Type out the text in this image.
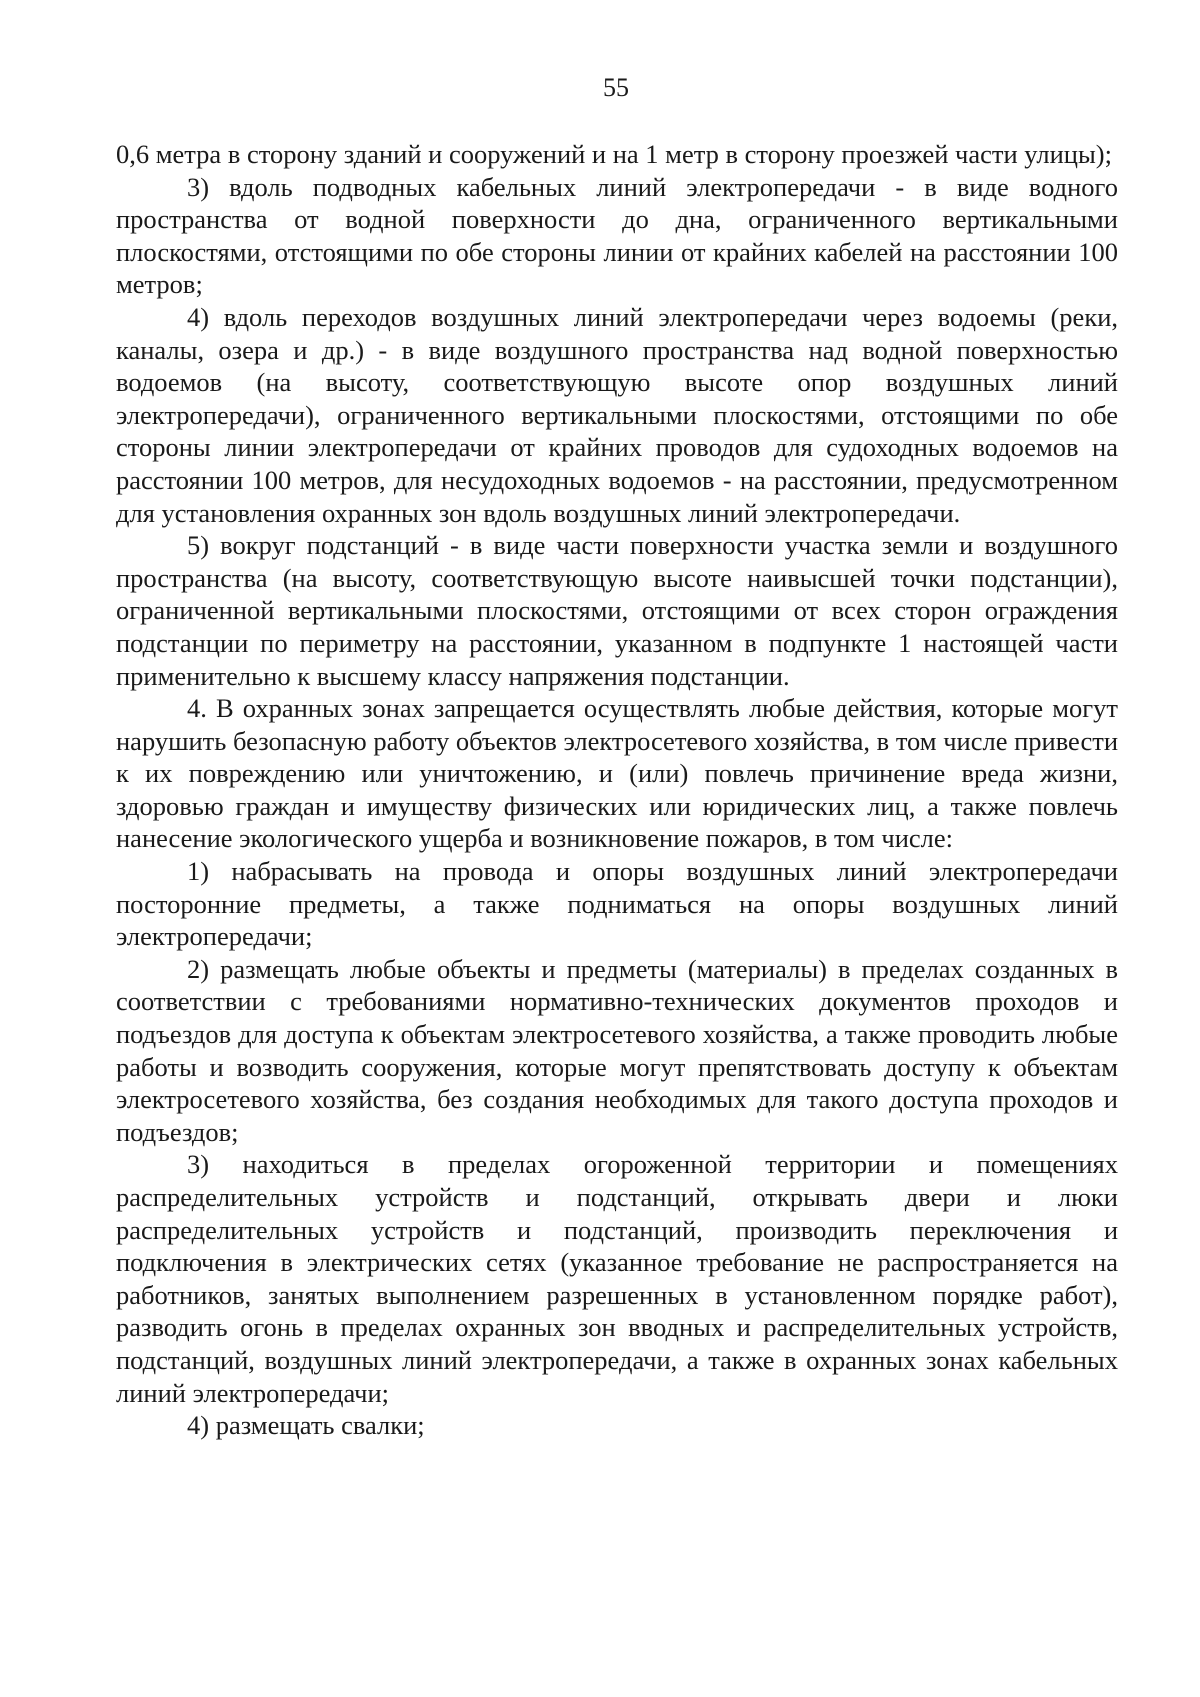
55

0,6 метра в сторону зданий и сооружений и на 1 метр в сторону проезжей части улицы);

3) вдоль подводных кабельных линий электропередачи - в виде водного пространства от водной поверхности до дна, ограниченного вертикальными плоскостями, отстоящими по обе стороны линии от крайних кабелей на расстоянии 100 метров;

4) вдоль переходов воздушных линий электропередачи через водоемы (реки, каналы, озера и др.) - в виде воздушного пространства над водной поверхностью водоемов (на высоту, соответствующую высоте опор воздушных линий электропередачи), ограниченного вертикальными плоскостями, отстоящими по обе стороны линии электропередачи от крайних проводов для судоходных водоемов на расстоянии 100 метров, для несудоходных водоемов - на расстоянии, предусмотренном для установления охранных зон вдоль воздушных линий электропередачи.

5) вокруг подстанций - в виде части поверхности участка земли и воздушного пространства (на высоту, соответствующую высоте наивысшей точки подстанции), ограниченной вертикальными плоскостями, отстоящими от всех сторон ограждения подстанции по периметру на расстоянии, указанном в подпункте 1 настоящей части применительно к высшему классу напряжения подстанции.

4. В охранных зонах запрещается осуществлять любые действия, которые могут нарушить безопасную работу объектов электросетевого хозяйства, в том числе привести к их повреждению или уничтожению, и (или) повлечь причинение вреда жизни, здоровью граждан и имуществу физических или юридических лиц, а также повлечь нанесение экологического ущерба и возникновение пожаров, в том числе:

1) набрасывать на провода и опоры воздушных линий электропередачи посторонние предметы, а также подниматься на опоры воздушных линий электропередачи;

2) размещать любые объекты и предметы (материалы) в пределах созданных в соответствии с требованиями нормативно-технических документов проходов и подъездов для доступа к объектам электросетевого хозяйства, а также проводить любые работы и возводить сооружения, которые могут препятствовать доступу к объектам электросетевого хозяйства, без создания необходимых для такого доступа проходов и подъездов;

3) находиться в пределах огороженной территории и помещениях распределительных устройств и подстанций, открывать двери и люки распределительных устройств и подстанций, производить переключения и подключения в электрических сетях (указанное требование не распространяется на работников, занятых выполнением разрешенных в установленном порядке работ), разводить огонь в пределах охранных зон вводных и распределительных устройств, подстанций, воздушных линий электропередачи, а также в охранных зонах кабельных линий электропередачи;

4) размещать свалки;
